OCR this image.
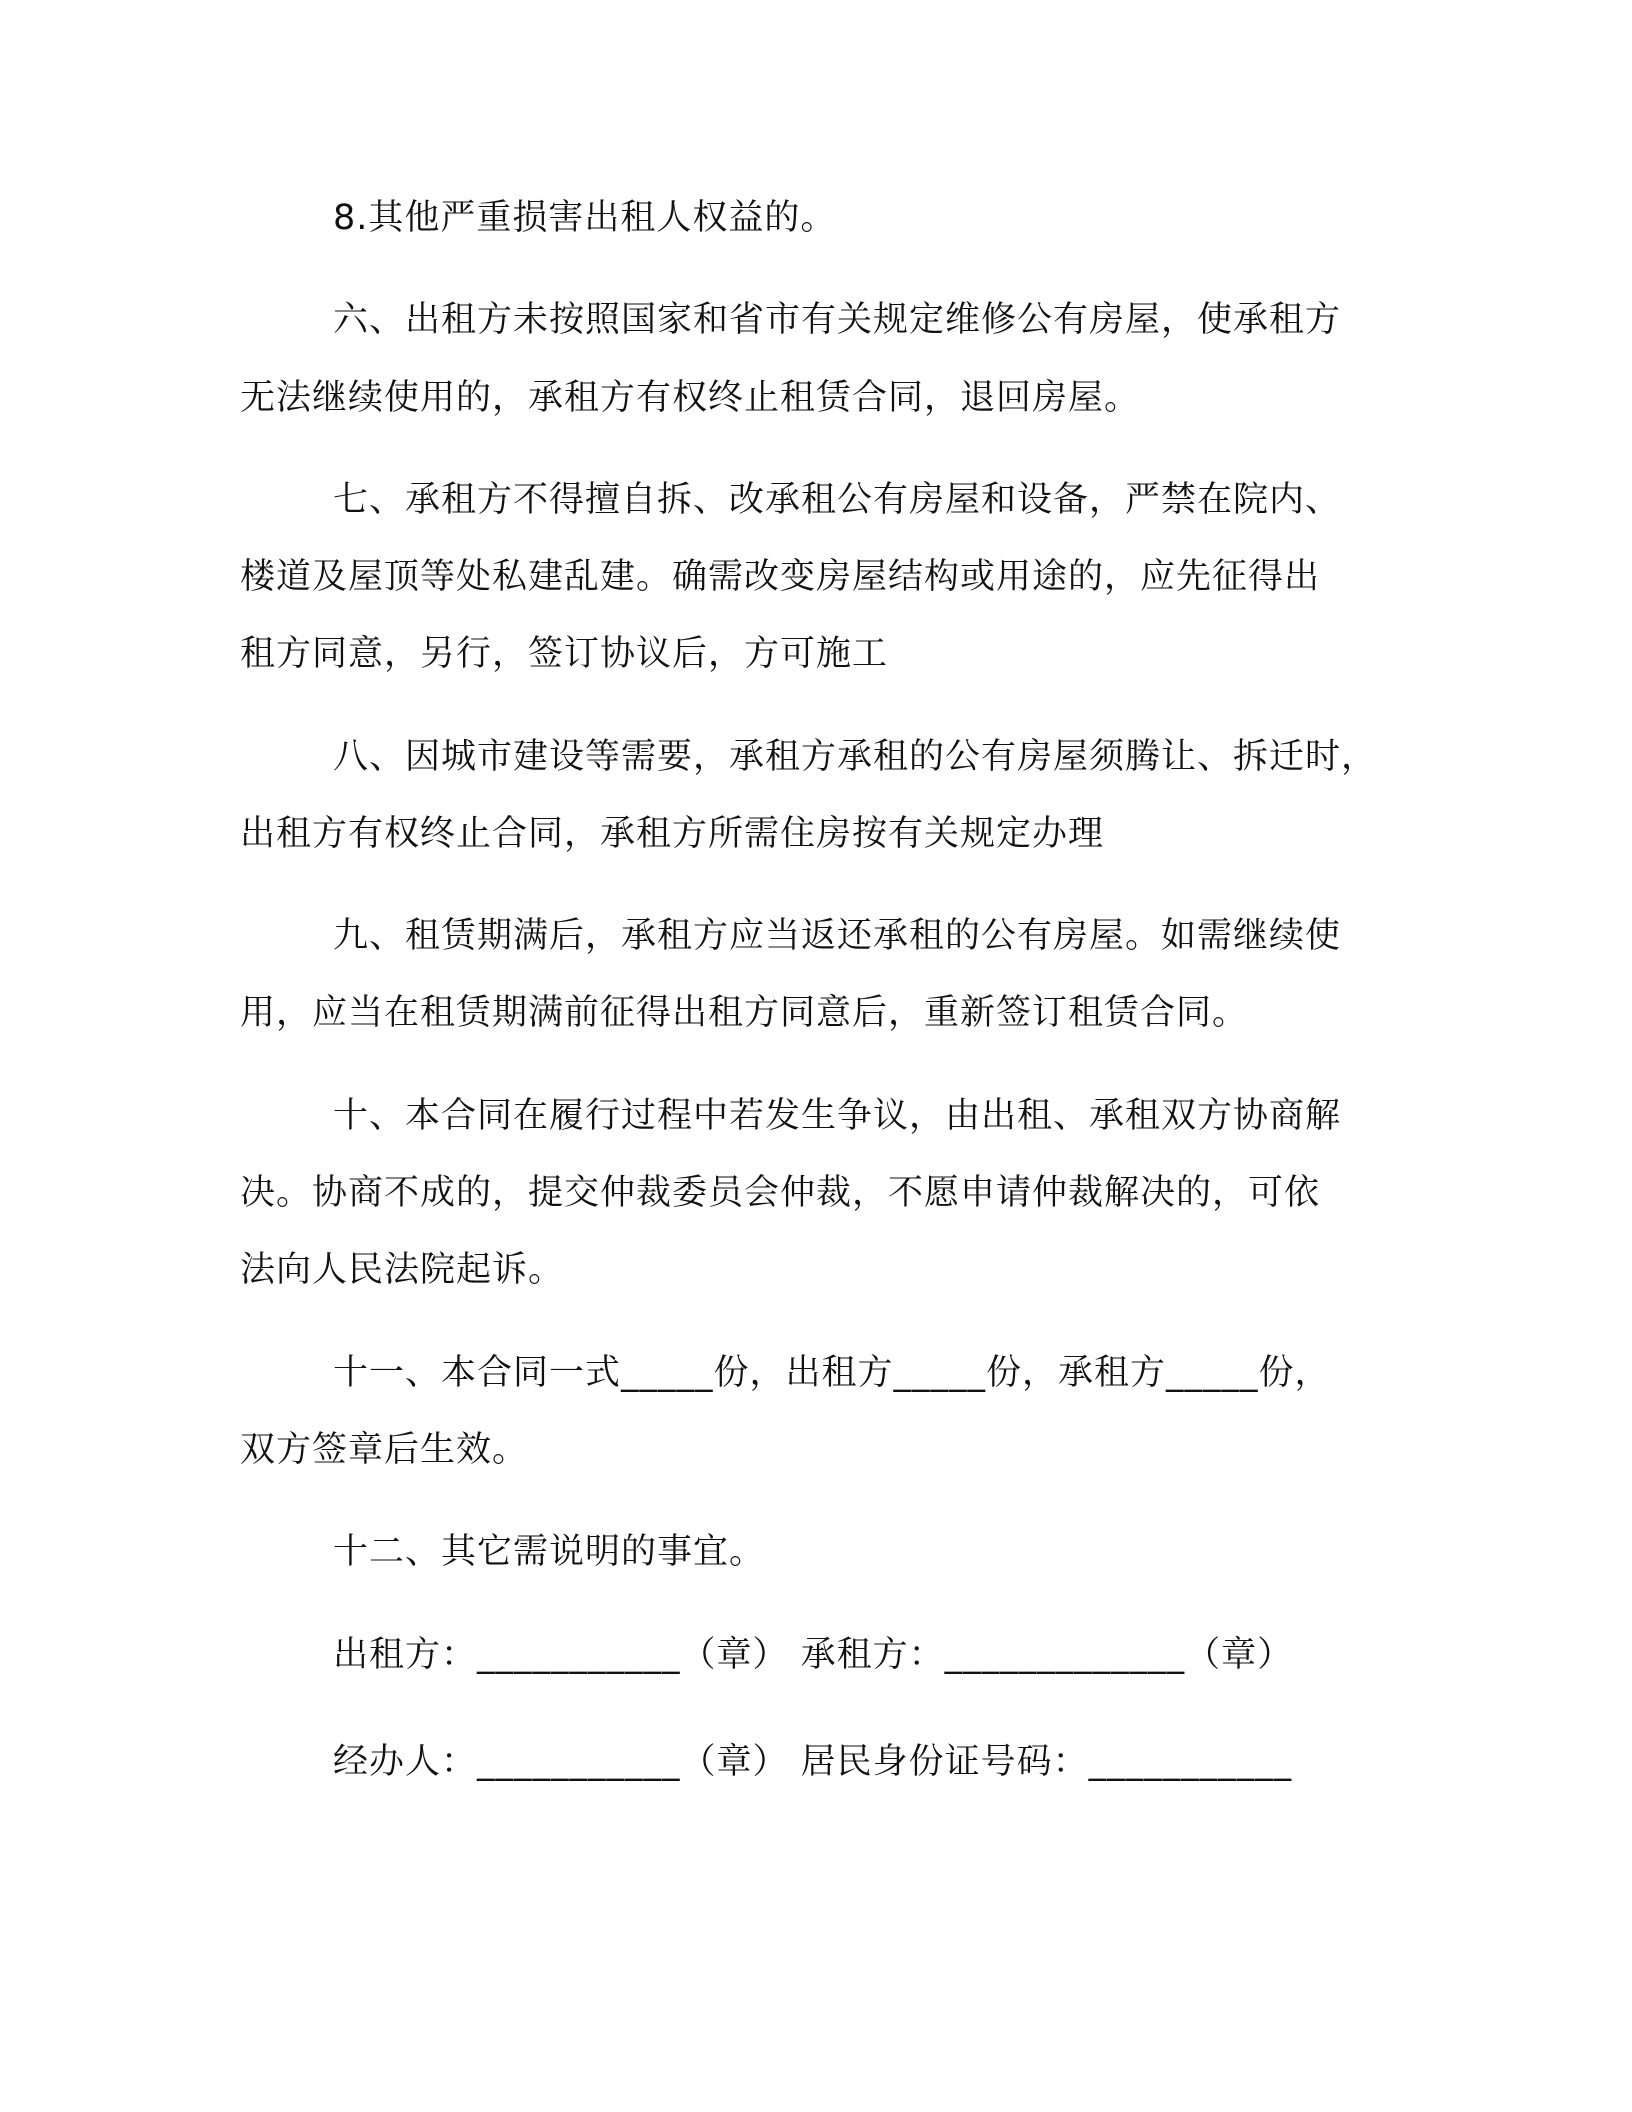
8.其他严重损害出租人权益的。
六、出租方未按照国家和省市有关规定维修公有房屋，使承租方
无法继续使用的，承租方有权终止租赁合同，退回房屋。
七、承租方不得擅自拆、改承租公有房屋和设备，严禁在院内、
楼道及屋顶等处私建乱建。确需改变房屋结构或用途的，应先征得出
租方同意，另行，签订协议后，方可施工
八、因城市建设等需要，承租方承租的公有房屋须腾让、拆迁时，
出租方有权终止合同，承租方所需住房按有关规定办理
九、租赁期满后，承租方应当返还承租的公有房屋。如需继续使
用，应当在租赁期满前征得出租方同意后，重新签订租赁合同。
十、本合同在履行过程中若发生争议，由出租、承租双方协商解
决。协商不成的，提交仲裁委员会仲裁，不愿申请仲裁解决的，可依
法向人民法院起诉。
十一、本合同一式_____份，出租方_____份，承租方_____份，
双方签章后生效。
十二、其它需说明的事宜。
出租方：___________（章） 承租方：_____________（章）
经办人：___________（章） 居民身份证号码：___________
